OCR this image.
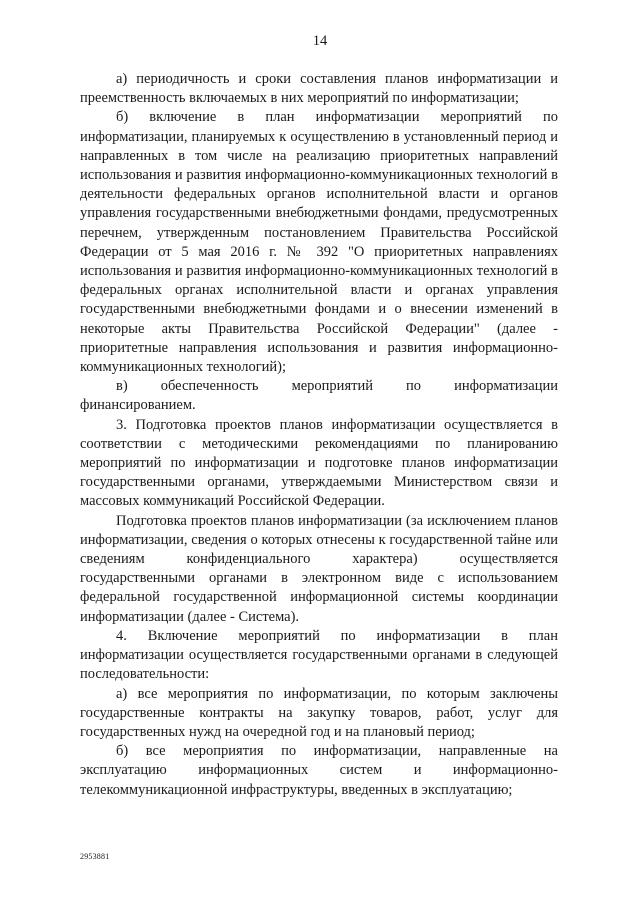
14

а) периодичность и сроки составления планов информатизации и преемственность включаемых в них мероприятий по информатизации;

б) включение в план информатизации мероприятий по информатизации, планируемых к осуществлению в установленный период и направленных в том числе на реализацию приоритетных направлений использования и развития информационно-коммуникационных технологий в деятельности федеральных органов исполнительной власти и органов управления государственными внебюджетными фондами, предусмотренных перечнем, утвержденным постановлением Правительства Российской Федерации от 5 мая 2016 г. № 392 "О приоритетных направлениях использования и развития информационно-коммуникационных технологий в федеральных органах исполнительной власти и органах управления государственными внебюджетными фондами и о внесении изменений в некоторые акты Правительства Российской Федерации" (далее - приоритетные направления использования и развития информационно-коммуникационных технологий);

в) обеспеченность мероприятий по информатизации финансированием.

3. Подготовка проектов планов информатизации осуществляется в соответствии с методическими рекомендациями по планированию мероприятий по информатизации и подготовке планов информатизации государственными органами, утверждаемыми Министерством связи и массовых коммуникаций Российской Федерации.

Подготовка проектов планов информатизации (за исключением планов информатизации, сведения о которых отнесены к государственной тайне или сведениям конфиденциального характера) осуществляется государственными органами в электронном виде с использованием федеральной государственной информационной системы координации информатизации (далее - Система).

4. Включение мероприятий по информатизации в план информатизации осуществляется государственными органами в следующей последовательности:

а) все мероприятия по информатизации, по которым заключены государственные контракты на закупку товаров, работ, услуг для государственных нужд на очередной год и на плановый период;

б) все мероприятия по информатизации, направленные на эксплуатацию информационных систем и информационно-телекоммуникационной инфраструктуры, введенных в эксплуатацию;

2953881
